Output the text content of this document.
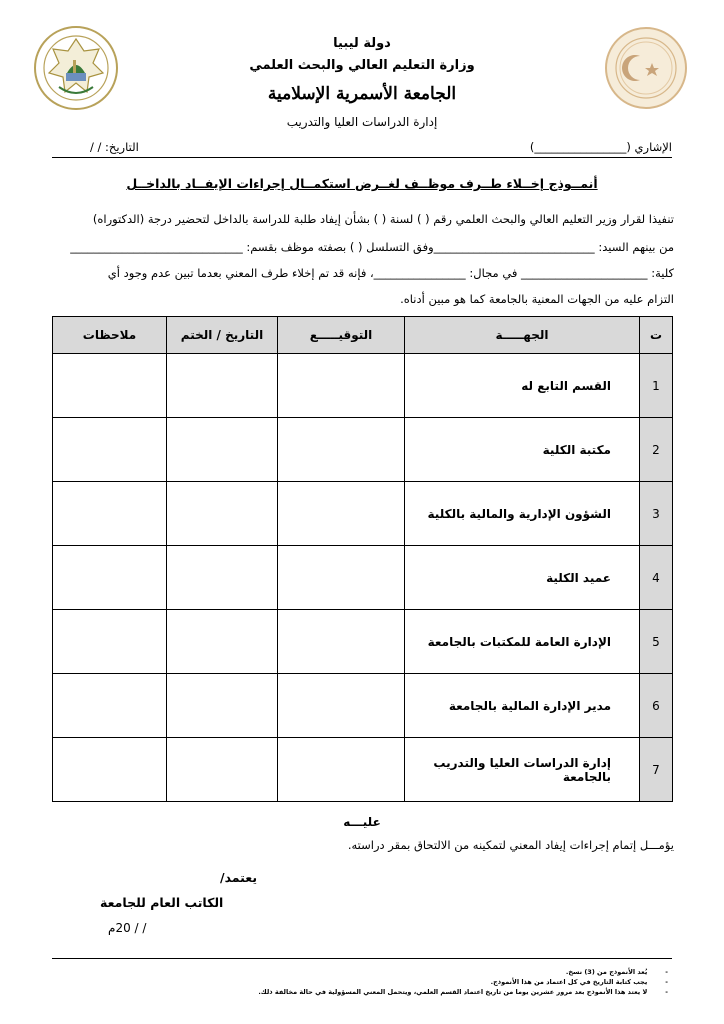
دولة ليبيا
وزارة التعليم العالي والبحث العلمي
الجامعة الأسمرية الإسلامية
إدارة الدراسات العليا والتدريب
الإشاري (________________)
التاريخ: / /
أنمــوذج إخــلاء طــرف موظــف لغــرض استكمــال إجراءات الإيفــاد بالداخــل
تنفيذا لقرار وزير التعليم العالي والبحث العلمي رقم ( ) لسنة ( ) بشأن إيفاد طلبة للدراسة بالداخل لتحضير درجة (الدكتوراه)
من بينهم السيد: ____________________________وفق التسلسل ( ) بصفته موظف بقسم: ______________________________
كلية: ______________________ في مجال: ________________، فإنه قد تم إخلاء طرف المعني بعدما تبين عدم وجود أي
التزام عليه من الجهات المعنية بالجامعة كما هو مبين أدناه.
ت	الجهـــــة	التوقيـــــع	التاريخ / الختم	ملاحظات
1	القسم التابع له			
2	مكتبة الكلية			
3	الشؤون الإدارية والمالية بالكلية			
4	عميد الكلية			
5	الإدارة العامة للمكتبات بالجامعة			
6	مدير الإدارة المالية بالجامعة			
7	إدارة الدراسات العليا والتدريب بالجامعة			
عليـــه
يؤمـــل إتمام إجراءات إيفاد المعني لتمكينه من الالتحاق بمقر دراسته.
يعتمد/
الكاتب العام للجامعة
/ / 20م
-يُعد الأنموذج من (3) نسخ.
-يجب كتابة التاريخ في كل اعتماد من هذا الأنموذج.
-لا يعتد هذا الأنموذج بعد مرور عشرين يوما من تاريخ اعتماد القسم العلمي، ويتحمل المعني المسؤولية في حالة مخالفة ذلك.
